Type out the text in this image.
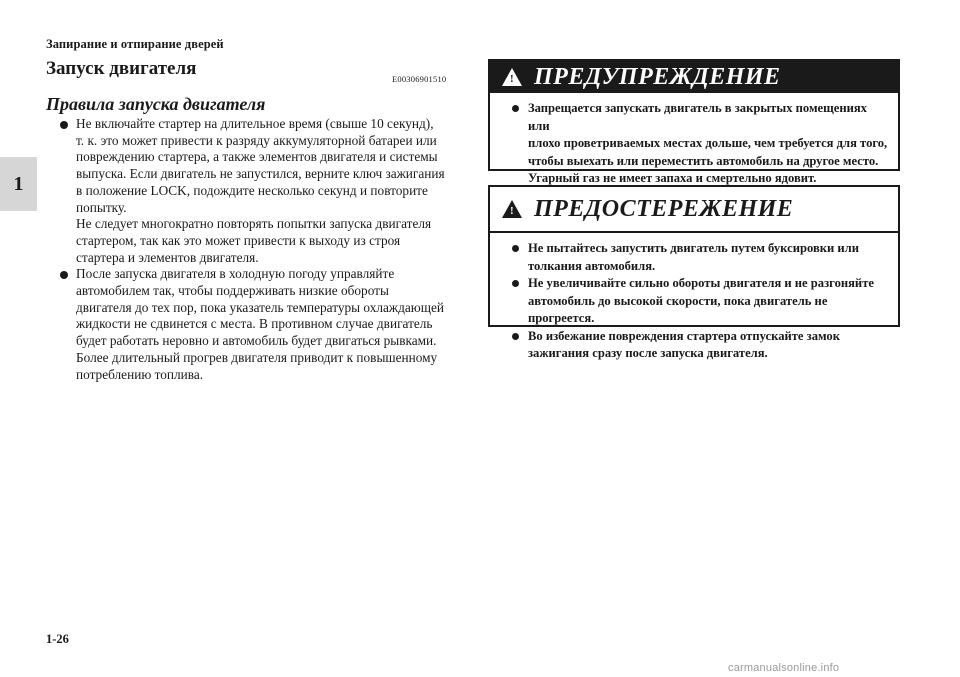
Запирание и отпирание дверей
1
Запуск двигателя	E00306901510
Правила запуска двигателя

Не включайте стартер на длительное время (свыше 10 секунд),

т. к. это может привести к разряду аккумуляторной батареи или

повреждению стартера, а также элементов двигателя и системы

выпуска. Если двигатель не запустился, верните ключ зажигания

в положение LOCK, подождите несколько секунд и повторите

попытку.

Не следует многократно повторять попытки запуска двигателя

стартером, так как это может привести к выходу из строя

стартера и элементов двигателя.

После запуска двигателя в холодную погоду управляйте

автомобилем так, чтобы поддерживать низкие обороты

двигателя до тех пор, пока указатель температуры охлаждающей

жидкости не сдвинется с места. В противном случае двигатель

будет работать неровно и автомобиль будет двигаться рывками.

Более длительный прогрев двигателя приводит к повышенному

потреблению топлива.

! ПРЕДУПРЕЖДЕНИЕ

Запрещается запускать двигатель в закрытых помещениях или

плохо проветриваемых местах дольше, чем требуется для того,

чтобы выехать или переместить автомобиль на другое место.

Угарный газ не имеет запаха и смертельно ядовит.

! ПРЕДОСТЕРЕЖЕНИЕ

Не пытайтесь запустить двигатель путем буксировки или

толкания автомобиля.

Не увеличивайте сильно обороты двигателя и не разгоняйте

автомобиль до высокой скорости, пока двигатель не прогреется.

Во избежание повреждения стартера отпускайте замок

зажигания сразу после запуска двигателя.

1-26
carmanualsonline.info
